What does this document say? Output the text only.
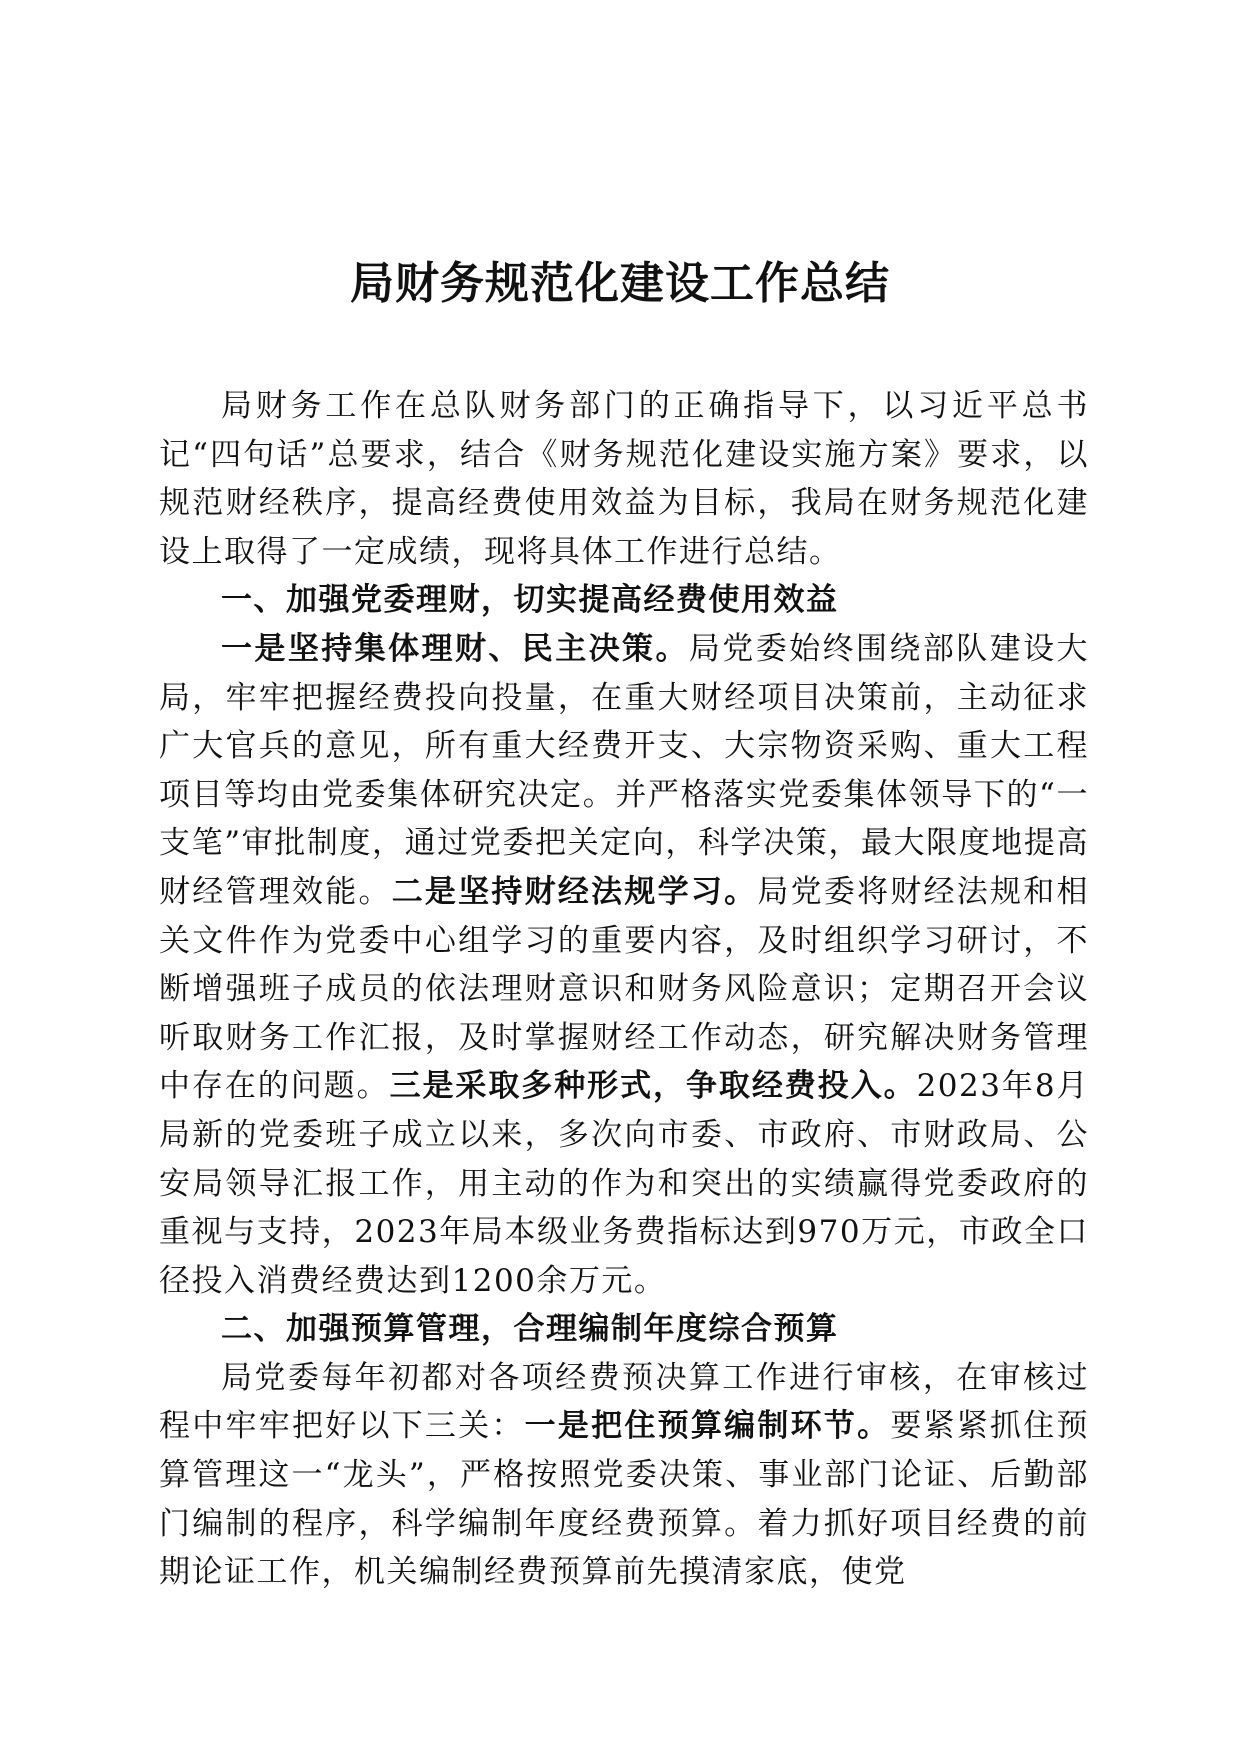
局财务规范化建设工作总结

局财务工作在总队财务部门的正确指导下，以习近平总书记“四句话”总要求，结合《财务规范化建设实施方案》要求，以规范财经秩序，提高经费使用效益为目标，我局在财务规范化建设上取得了一定成绩，现将具体工作进行总结。

一、加强党委理财，切实提高经费使用效益

一是坚持集体理财、民主决策。局党委始终围绕部队建设大局，牢牢把握经费投向投量，在重大财经项目决策前，主动征求广大官兵的意见，所有重大经费开支、大宗物资采购、重大工程项目等均由党委集体研究决定。并严格落实党委集体领导下的“一支笔”审批制度，通过党委把关定向，科学决策，最大限度地提高财经管理效能。二是坚持财经法规学习。局党委将财经法规和相关文件作为党委中心组学习的重要内容，及时组织学习研讨，不断增强班子成员的依法理财意识和财务风险意识；定期召开会议听取财务工作汇报，及时掌握财经工作动态，研究解决财务管理中存在的问题。三是采取多种形式，争取经费投入。2023年8月局新的党委班子成立以来，多次向市委、市政府、市财政局、公安局领导汇报工作，用主动的作为和突出的实绩赢得党委政府的重视与支持，2023年局本级业务费指标达到970万元，市政全口径投入消费经费达到1200余万元。

二、加强预算管理，合理编制年度综合预算

局党委每年初都对各项经费预决算工作进行审核，在审核过程中牢牢把好以下三关：一是把住预算编制环节。要紧紧抓住预算管理这一“龙头”，严格按照党委决策、事业部门论证、后勤部门编制的程序，科学编制年度经费预算。着力抓好项目经费的前期论证工作，机关编制经费预算前先摸清家底，使党
